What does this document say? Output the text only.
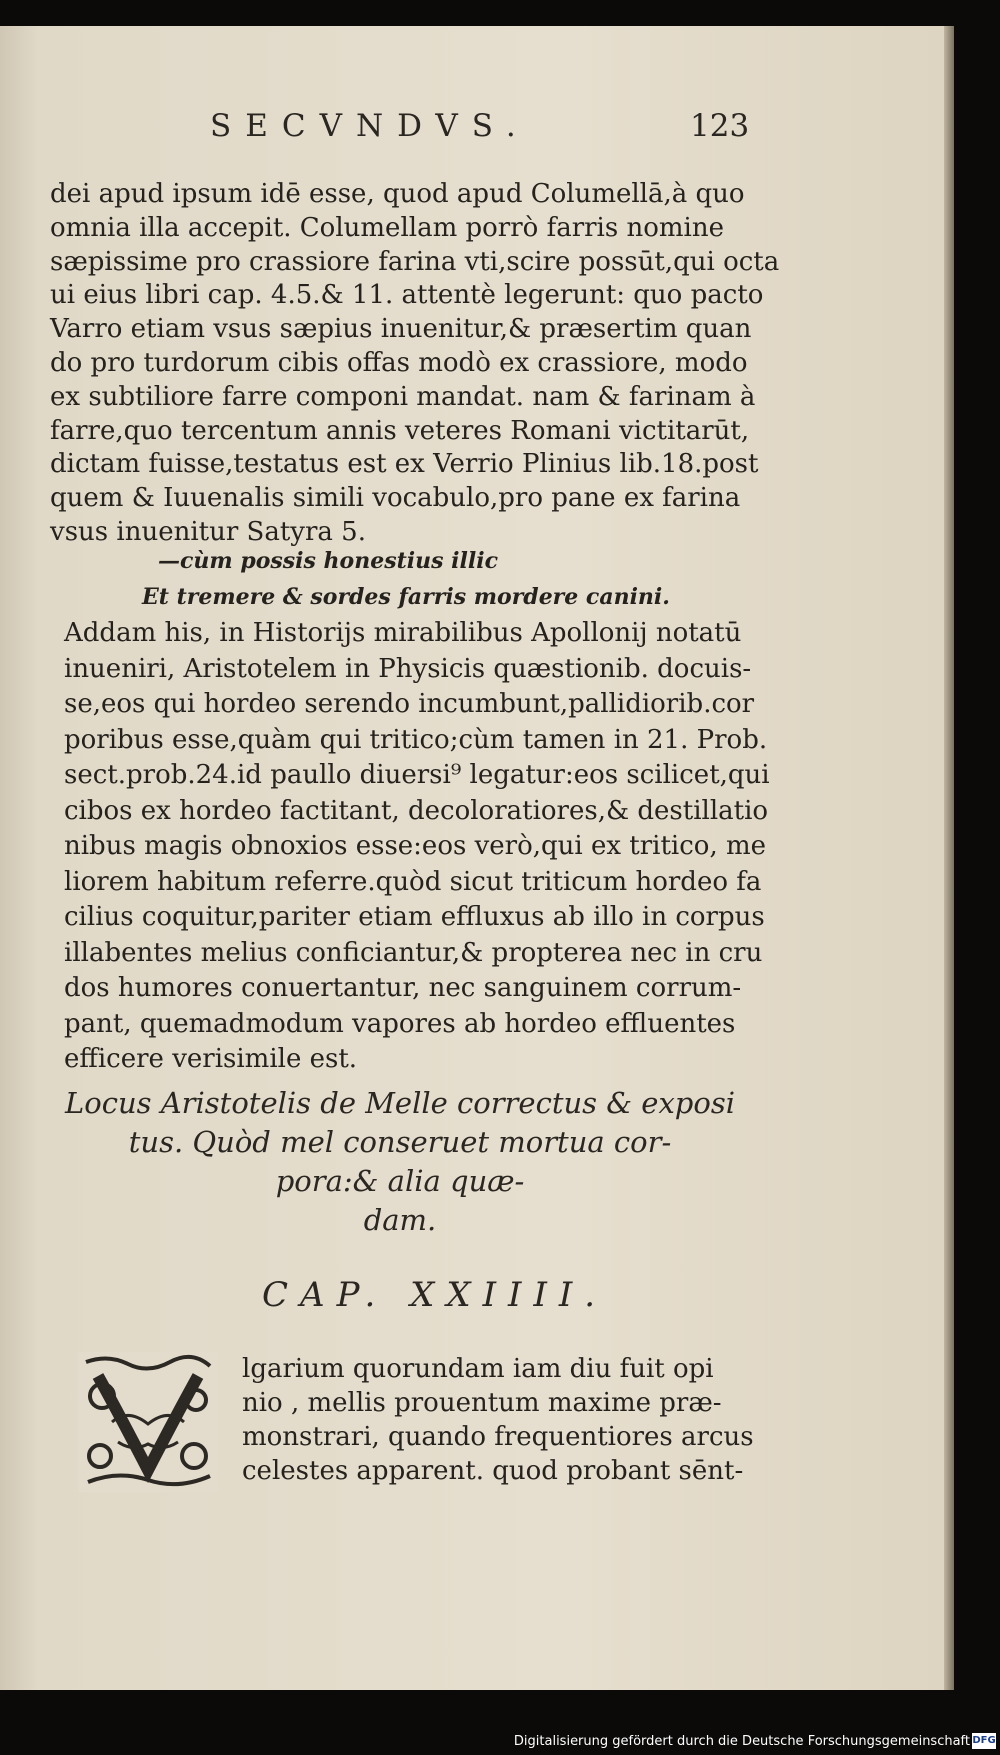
SECVNDVS.	123
dei apud ipsum idē esse, quod apud Columellā,à quo
omnia illa accepit. Columellam porrò farris nomine
sæpissime pro crassiore farina vti,scire possūt,qui octa
ui eius libri cap. 4.5.& 11. attentè legerunt: quo pacto
Varro etiam vsus sæpius inuenitur,& præsertim quan
do pro turdorum cibis offas modò ex crassiore, modo
ex subtiliore farre componi mandat. nam & farinam à
farre,quo tercentum annis veteres Romani victitarūt,
dictam fuisse,testatus est ex Verrio Plinius lib.18.post
quem & Iuuenalis simili vocabulo,pro pane ex farina
vsus inuenitur Satyra 5.
—cùm possis honestius illic
Et tremere & sordes farris mordere canini.
Addam his, in Historijs mirabilibus Apollonij notatū
inueniri, Aristotelem in Physicis quæstionib. docuis-
se,eos qui hordeo serendo incumbunt,pallidiorib.cor
poribus esse,quàm qui tritico;cùm tamen in 21. Prob.
sect.prob.24.id paullo diuersi⁹ legatur:eos scilicet,qui
cibos ex hordeo factitant, decoloratiores,& destillatio
nibus magis obnoxios esse:eos verò,qui ex tritico, me
liorem habitum referre.quòd sicut triticum hordeo fa
cilius coquitur,pariter etiam effluxus ab illo in corpus
illabentes melius conficiantur,& propterea nec in cru
dos humores conuertantur, nec sanguinem corrum-
pant, quemadmodum vapores ab hordeo effluentes
efficere verisimile est.
Locus Aristotelis de Melle correctus & exposi
tus. Quòd mel conseruet mortua cor-
pora:& alia quæ-
dam.
CAP. XXIIII.
lgarium quorundam iam diu fuit opi
nio , mellis prouentum maxime præ-
monstrari, quando frequentiores arcus
celestes apparent. quod probant sēnt-
Digitalisierung gefördert durch die Deutsche Forschungsgemeinschaft DFG
